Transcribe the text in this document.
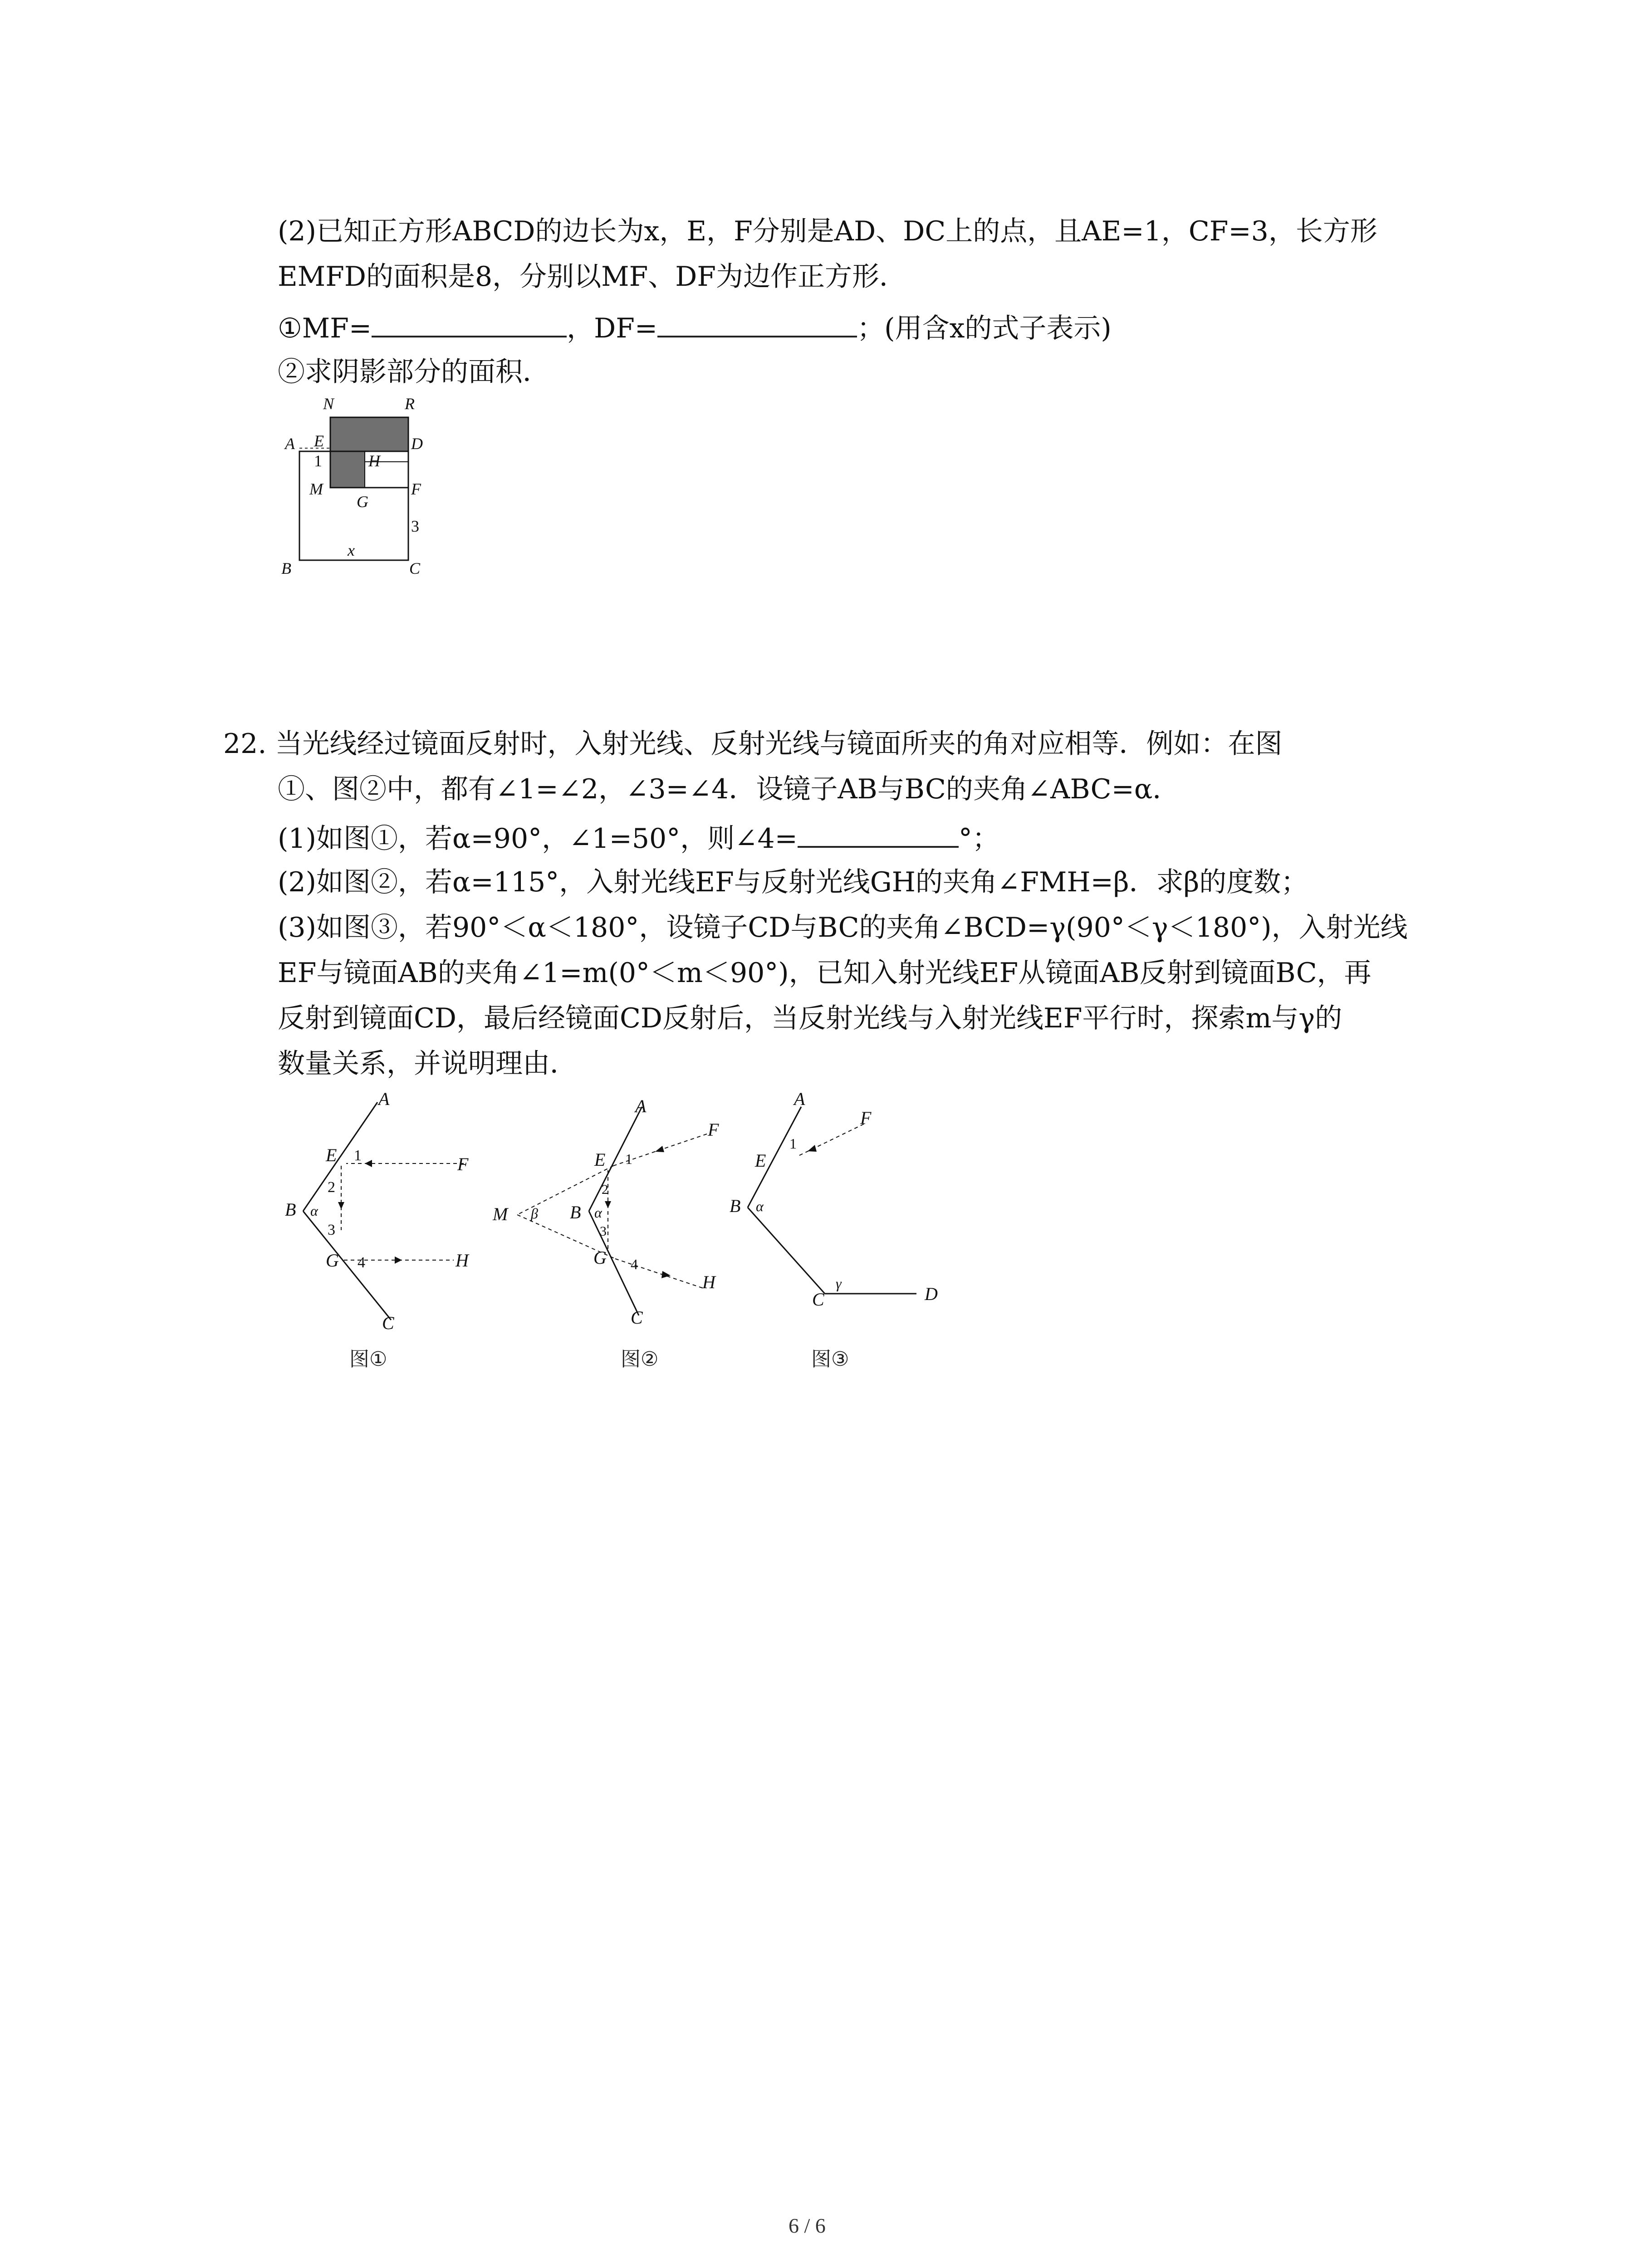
(2)已知正方形ABCD的边长为x，E，F分别是AD、DC上的点，且AE=1，CF=3，长方形
EMFD的面积是8，分别以MF、DF为边作正方形．
①MF=	，DF=	；(用含x的式子表示)
②求阴影部分的面积．
N	R
A E	D
1	H
M	F
G
3
B
x
C
22. 当光线经过镜面反射时，入射光线、反射光线与镜面所夹的角对应相等．例如：在图
①、图②中，都有∠1=∠2，∠3=∠4．设镜子AB与BC的夹角∠ABC=α．
(1)如图①，若α=90°，∠1=50°，则∠4=	°；
(2)如图②，若α=115°，入射光线EF与反射光线GH的夹角∠FMH=β．求β的度数；
(3)如图③，若90°＜α＜180°，设镜子CD与BC的夹角∠BCD=γ(90°＜γ＜180°)，入射光线
EF与镜面AB的夹角∠1=m(0°＜m＜90°)，已知入射光线EF从镜面AB反射到镜面BC，再
反射到镜面CD，最后经镜面CD反射后，当反射光线与入射光线EF平行时，探索m与γ的
数量关系，并说明理由．
A
E 1	F
2
B α
3
G 4	H
C
图①
A
F
E 1
M β B α
2
3
G 4
H
C
图②
A
F
1
E
B α
C
γ
D
图③
6 / 6
